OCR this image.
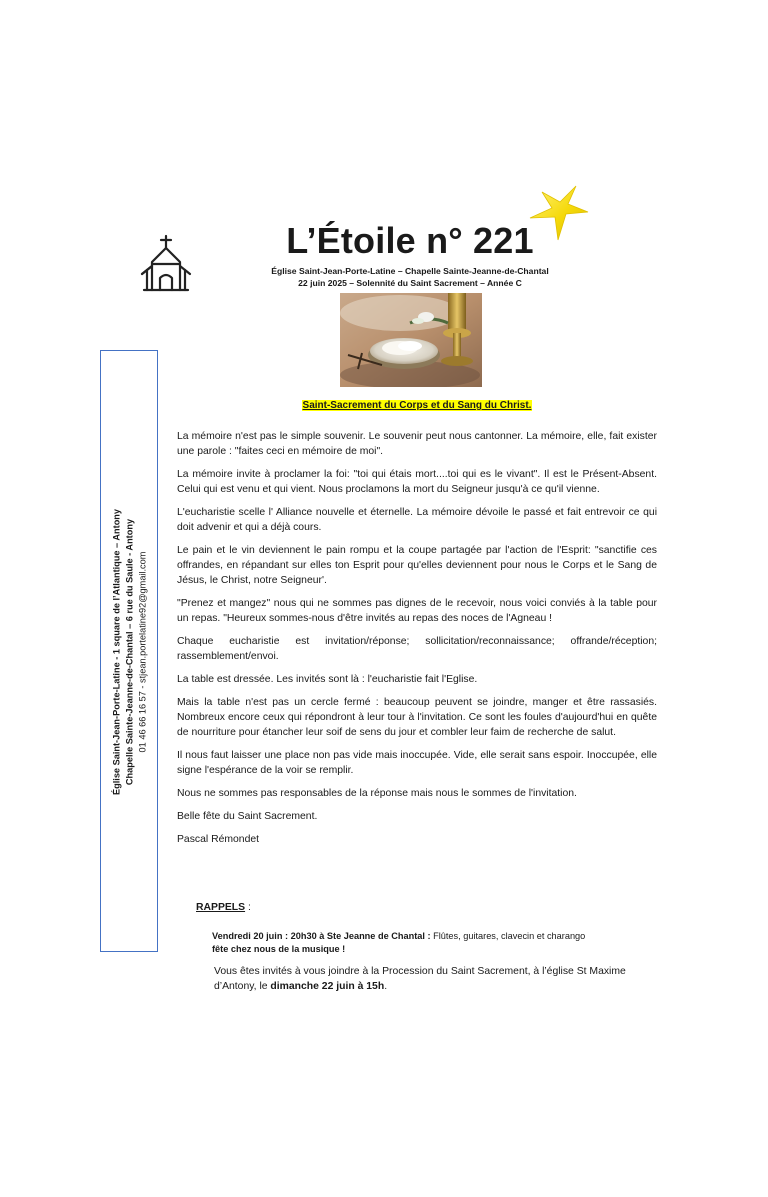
L’Étoile n° 221
Église Saint-Jean-Porte-Latine – Chapelle Sainte-Jeanne-de-Chantal
22 juin 2025 – Solennité du Saint Sacrement – Année C
Église Saint-Jean-Porte-Latine - 1 square de l’Atlantique – Antony Chapelle Sainte-Jeanne-de-Chantal – 6 rue du Saule - Antony 01 46 66 16 57 - stjean.portelatine92@gmail.com
Saint-Sacrement du Corps et du Sang du Christ.

La mémoire n'est pas le simple souvenir. Le souvenir peut nous cantonner. La mémoire, elle, fait exister une parole : "faites ceci en mémoire de moi".

La mémoire invite à proclamer la foi: "toi qui étais mort....toi qui es le vivant". Il est le Présent-Absent. Celui qui est venu et qui vient. Nous proclamons la mort du Seigneur jusqu'à ce qu'il vienne.

L'eucharistie scelle l' Alliance nouvelle et éternelle. La mémoire dévoile le passé et fait entrevoir ce qui doit advenir et qui a déjà cours.

Le pain et le vin deviennent le pain rompu et la coupe partagée par l'action de l'Esprit: "sanctifie ces offrandes, en répandant sur elles ton Esprit pour qu'elles deviennent pour nous le Corps et le Sang de Jésus, le Christ, notre Seigneur'.

"Prenez et mangez" nous qui ne sommes pas dignes de le recevoir, nous voici conviés à la table pour un repas. "Heureux sommes-nous d'être invités au repas des noces de l'Agneau !

Chaque eucharistie est invitation/réponse; sollicitation/reconnaissance; offrande/réception; rassemblement/envoi.

La table est dressée. Les invités sont là : l'eucharistie fait l'Eglise.

Mais la table n'est pas un cercle fermé : beaucoup peuvent se joindre, manger et être rassasiés. Nombreux encore ceux qui répondront à leur tour à l'invitation. Ce sont les foules d'aujourd'hui en quête de nourriture pour étancher leur soif de sens du jour et combler leur faim de recherche de salut.

Il nous faut laisser une place non pas vide mais inoccupée. Vide, elle serait sans espoir. Inoccupée, elle signe l'espérance de la voir se remplir.

Nous ne sommes pas responsables de la réponse mais nous le sommes de l'invitation.

Belle fête du Saint Sacrement.

Pascal Rémondet

RAPPELS :
Vendredi 20 juin : 20h30 à Ste Jeanne de Chantal : Flûtes, guitares, clavecin et charango
fête chez nous de la musique !
Vous êtes invités à vous joindre à la Procession du Saint Sacrement, à l’église St Maxime d’Antony, le dimanche 22 juin à 15h.
